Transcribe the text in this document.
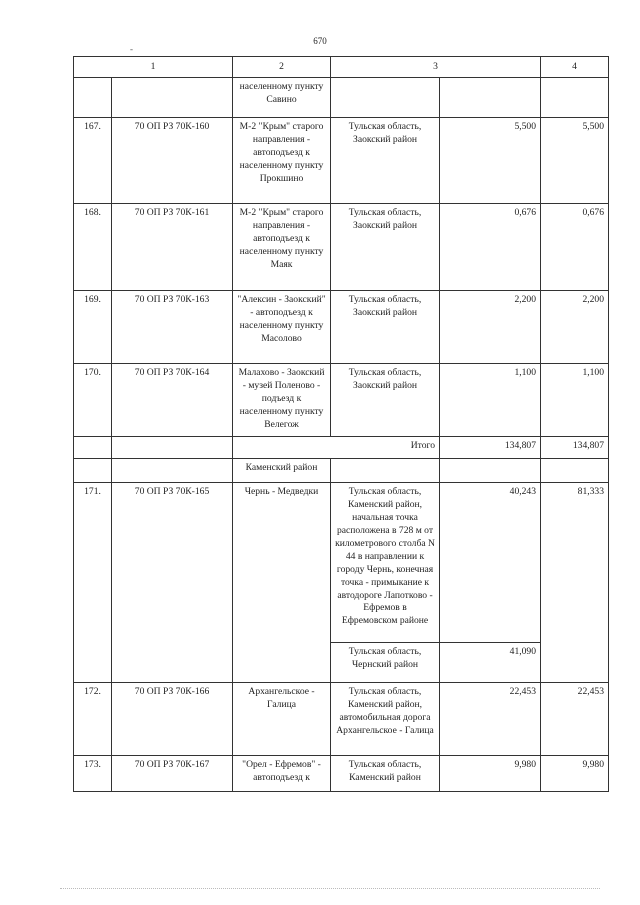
670
-
1		2	3		4
		населенному пункту Савино			
167.	70 ОП РЗ 70К-160	М-2 "Крым" старого направления - автоподъезд к населенному пункту Прокшино	Тульская область, Заокский район	5,500	5,500
168.	70 ОП РЗ 70К-161	М-2 "Крым" старого направления - автоподъезд к населенному пункту Маяк	Тульская область, Заокский район	0,676	0,676
169.	70 ОП РЗ 70К-163	"Алексин - Заокский" - автоподъезд к населенному пункту Масолово	Тульская область, Заокский район	2,200	2,200
170.	70 ОП РЗ 70К-164	Малахово - Заокский - музей Поленово - подъезд к населенному пункту Велегож	Тульская область, Заокский район	1,100	1,100
		Итого		134,807	134,807
		Каменский район			
171.	70 ОП РЗ 70К-165	Чернь - Медведки	Тульская область, Каменский район, начальная точка расположена в 728 м от километрового столба N 44 в направлении к городу Чернь, конечная точка - примыкание к автодороге Лапотково - Ефремов в Ефремовском районе	40,243	81,333
			Тульская область, Чернский район	41,090	
172.	70 ОП РЗ 70К-166	Архангельское - Галица	Тульская область, Каменский район, автомобильная дорога Архангельское - Галица	22,453	22,453
173.	70 ОП РЗ 70К-167	"Орел - Ефремов" - автоподъезд к	Тульская область, Каменский район	9,980	9,980
